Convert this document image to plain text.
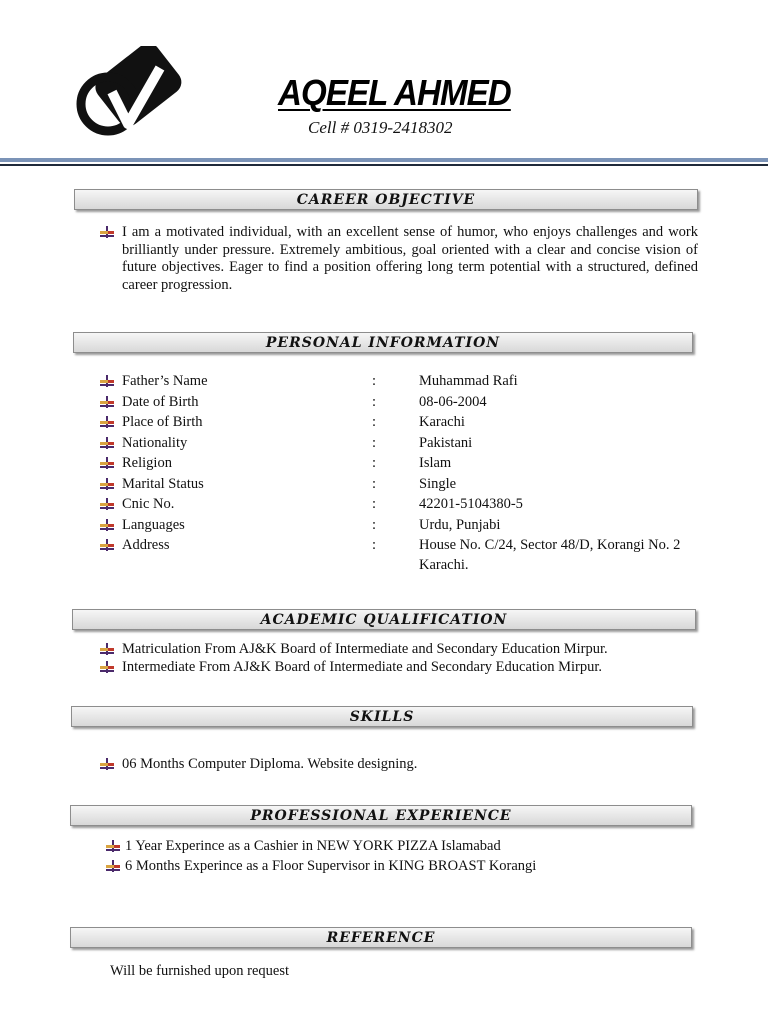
AQEEL AHMED
Cell # 0319-2418302
CAREER OBJECTIVE
I am a motivated individual, with an excellent sense of humor, who enjoys challenges and work brilliantly under pressure. Extremely ambitious, goal oriented with a clear and concise vision of future objectives. Eager to find a position offering long term potential with a structured, defined career progression.
PERSONAL INFORMATION
Father’s Name	:	Muhammad Rafi
Date of Birth	:	08-06-2004
Place of Birth	:	Karachi
Nationality	:	Pakistani
Religion	:	Islam
Marital Status	:	Single
Cnic No.	:	42201-5104380-5
Languages	:	Urdu, Punjabi
Address	:	House No. C/24, Sector 48/D, Korangi No. 2
Karachi.
ACADEMIC QUALIFICATION
Matriculation From AJ&K Board of Intermediate and Secondary Education Mirpur.
Intermediate From AJ&K Board of Intermediate and Secondary Education Mirpur.
SKILLS
06 Months Computer Diploma. Website designing.
PROFESSIONAL EXPERIENCE
1 Year Experince as a Cashier in NEW YORK PIZZA Islamabad
6 Months Experince as a Floor Supervisor in KING BROAST Korangi
REFERENCE
Will be furnished upon request
